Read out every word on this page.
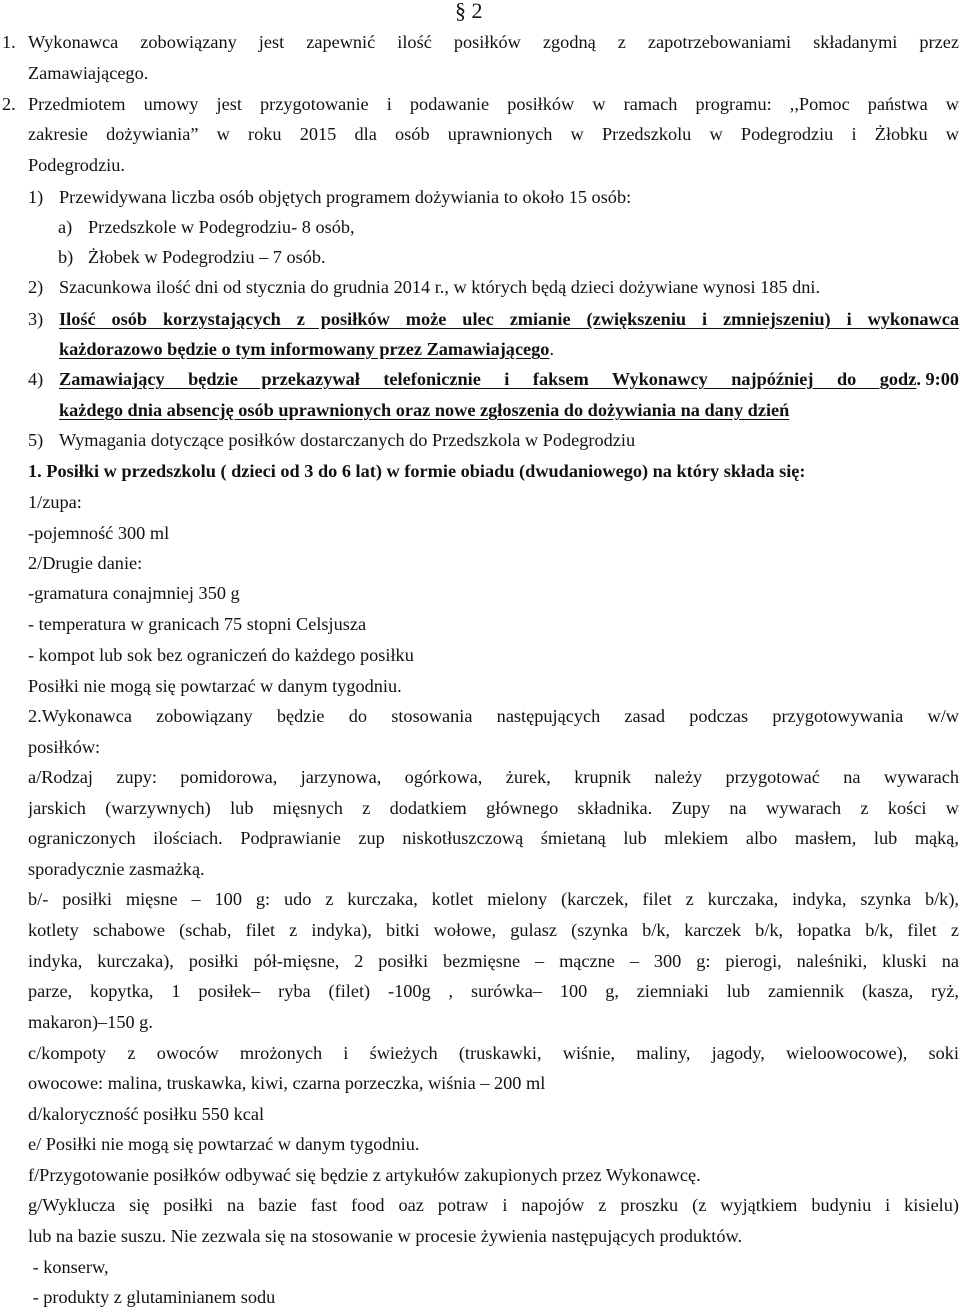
§ 2
1. Wykonawca zobowiązany jest zapewnić ilość posiłków zgodną z zapotrzebowaniami składanymi przez
Zamawiającego.
2. Przedmiotem umowy jest przygotowanie i podawanie posiłków w ramach programu: ,,Pomoc państwa w
zakresie dożywiania” w roku 2015 dla osób uprawnionych w Przedszkolu w Podegrodziu i Żłobku w
Podegrodziu.
1) Przewidywana liczba osób objętych programem dożywiania to około 15 osób:
a) Przedszkole w Podegrodziu- 8 osób,
b) Żłobek w Podegrodziu – 7 osób.
2) Szacunkowa ilość dni od stycznia do grudnia 2014 r., w których będą dzieci dożywiane wynosi 185 dni.
3) Ilość osób korzystających z posiłków może ulec zmianie (zwiększeniu i zmniejszeniu) i wykonawca
każdorazowo będzie o tym informowany przez Zamawiającego.
4) Zamawiający będzie przekazywał telefonicznie i faksem Wykonawcy najpóźniej do godz . 9:00
każdego dnia absencję osób uprawnionych oraz nowe zgłoszenia do dożywiania na dany dzień
5) Wymagania dotyczące posiłków dostarczanych do Przedszkola w Podegrodziu
1. Posiłki w przedszkolu ( dzieci od 3 do 6 lat) w formie obiadu (dwudaniowego) na który składa się:
1/zupa:
-pojemność 300 ml
2/Drugie danie:
-gramatura conajmniej 350 g
- temperatura w granicach 75 stopni Celsjusza
- kompot lub sok bez ograniczeń do każdego posiłku
Posiłki nie mogą się powtarzać w danym tygodniu.
2.Wykonawca zobowiązany będzie do stosowania następujących zasad podczas przygotowywania w/w
posiłków:
a/Rodzaj zupy: pomidorowa, jarzynowa, ogórkowa, żurek, krupnik należy przygotować na wywarach
jarskich (warzywnych) lub mięsnych z dodatkiem głównego składnika. Zupy na wywarach z kości w
ograniczonych ilościach. Podprawianie zup niskotłuszczową śmietaną lub mlekiem albo masłem, lub mąką,
sporadycznie zasmażką.
b/- posiłki mięsne – 100 g: udo z kurczaka, kotlet mielony (karczek, filet z kurczaka, indyka, szynka b/k),
kotlety schabowe (schab, filet z indyka), bitki wołowe, gulasz (szynka b/k, karczek b/k, łopatka b/k, filet z
indyka, kurczaka), posiłki pół-mięsne, 2 posiłki bezmięsne – mączne – 300 g: pierogi, naleśniki, kluski na
parze, kopytka, 1 posiłek– ryba (filet) -100g , surówka– 100 g, ziemniaki lub zamiennik (kasza, ryż,
makaron)–150 g.
c/kompoty z owoców mrożonych i świeżych (truskawki, wiśnie, maliny, jagody, wieloowocowe), soki
owocowe: malina, truskawka, kiwi, czarna porzeczka, wiśnia – 200 ml
d/kaloryczność posiłku 550 kcal
e/ Posiłki nie mogą się powtarzać w danym tygodniu.
f/Przygotowanie posiłków odbywać się będzie z artykułów zakupionych przez Wykonawcę.
g/Wyklucza się posiłki na bazie fast food oaz potraw i napojów z proszku (z wyjątkiem budyniu i kisielu)
lub na bazie suszu. Nie zezwala się na stosowanie w procesie żywienia następujących produktów.
- konserw,
- produkty z glutaminianem sodu
